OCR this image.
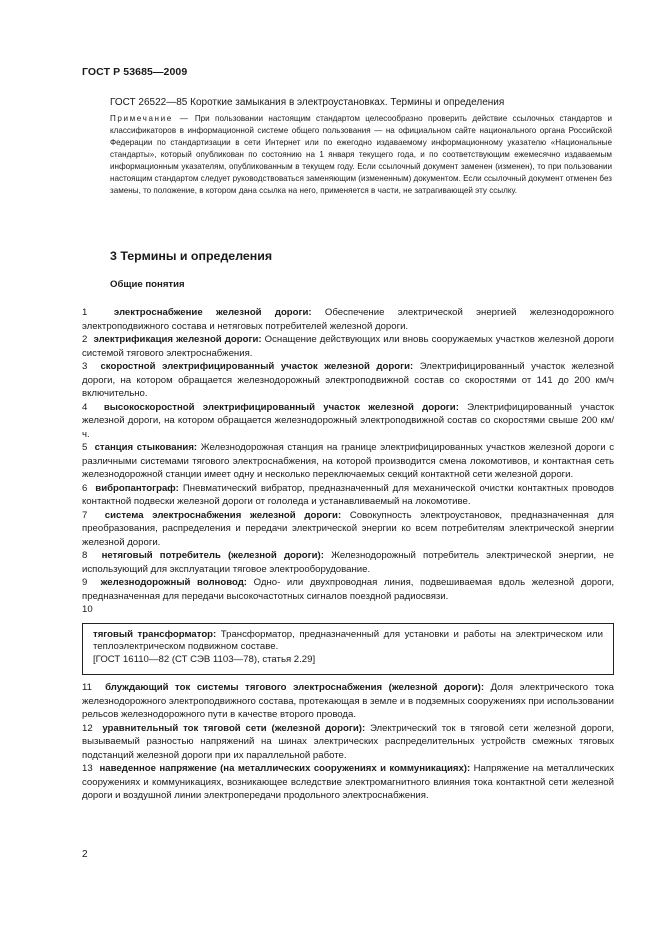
ГОСТ Р 53685—2009
ГОСТ 26522—85 Короткие замыкания в электроустановках. Термины и определения
Примечание — При пользовании настоящим стандартом целесообразно проверить действие ссылочных стандартов и классификаторов в информационной системе общего пользования — на официальном сайте национального органа Российской Федерации по стандартизации в сети Интернет или по ежегодно издаваемому информационному указателю «Национальные стандарты», который опубликован по состоянию на 1 января текущего года, и по соответствующим ежемесячно издаваемым информационным указателям, опубликованным в текущем году. Если ссылочный документ заменен (изменен), то при пользовании настоящим стандартом следует руководствоваться заменяющим (измененным) документом. Если ссылочный документ отменен без замены, то положение, в котором дана ссылка на него, применяется в части, не затрагивающей эту ссылку.
3 Термины и определения
Общие понятия

1	электроснабжение железной дороги: Обеспечение электрической энергией железнодорожного электроподвижного состава и нетяговых потребителей железной дороги.

2 электрификация железной дороги: Оснащение действующих или вновь сооружаемых участков железной дороги системой тягового электроснабжения.

3 скоростной электрифицированный участок железной дороги: Электрифицированный участок железной дороги, на котором обращается железнодорожный электроподвижной состав со скоростями от 141 до 200 км/ч включительно.

4 высокоскоростной электрифицированный участок железной дороги: Электрифицированный участок железной дороги, на котором обращается железнодорожный электроподвижной состав со скоростями свыше 200 км/ч.

5 станция стыкования: Железнодорожная станция на границе электрифицированных участков железной дороги с различными системами тягового электроснабжения, на которой производится смена локомотивов, и контактная сеть железнодорожной станции имеет одну и несколько переключаемых секций контактной сети железной дороги.

6 вибропантограф: Пневматический вибратор, предназначенный для механической очистки контактных проводов контактной подвески железной дороги от гололеда и устанавливаемый на локомотиве.

7 система электроснабжения железной дороги: Совокупность электроустановок, предназначенная для преобразования, распределения и передачи электрической энергии ко всем потребителям электрической энергии железной дороги.

8 нетяговый потребитель (железной дороги): Железнодорожный потребитель электрической энергии, не использующий для эксплуатации тяговое электрооборудование.

9 железнодорожный волновод: Одно- или двухпроводная линия, подвешиваемая вдоль железной дороги, предназначенная для передачи высокочастотных сигналов поездной радиосвязи.

10

тяговый трансформатор: Трансформатор, предназначенный для установки и работы на электрическом или теплоэлектрическом подвижном составе.

[ГОСТ 16110—82 (СТ СЭВ 1103—78), статья 2.29]

11 блуждающий ток системы тягового электроснабжения (железной дороги): Доля электрического тока железнодорожного электроподвижного состава, протекающая в земле и в подземных сооружениях при использовании рельсов железнодорожного пути в качестве второго провода.

12 уравнительный ток тяговой сети (железной дороги): Электрический ток в тяговой сети железной дороги, вызываемый разностью напряжений на шинах электрических распределительных устройств смежных тяговых подстанций железной дороги при их параллельной работе.

13 наведенное напряжение (на металлических сооружениях и коммуникациях): Напряжение на металлических сооружениях и коммуникациях, возникающее вследствие электромагнитного влияния тока контактной сети железной дороги и воздушной линии электропередачи продольного электроснабжения.

2
